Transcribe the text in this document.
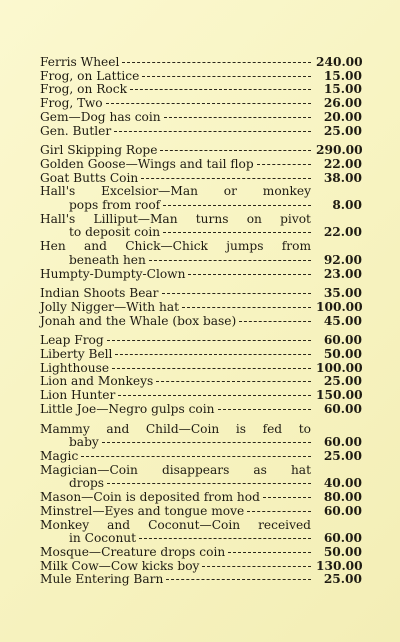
Ferris Wheel	240.00
Frog, on Lattice	15.00
Frog, on Rock	15.00
Frog, Two	26.00
Gem—Dog has coin	20.00
Gen. Butler	25.00
Girl Skipping Rope	290.00
Golden Goose—Wings and tail flop	22.00
Goat Butts Coin	38.00
Hall's Excelsior—Man or monkey
pops from roof	8.00
Hall's Lilliput—Man turns on pivot
to deposit coin	22.00
Hen and Chick—Chick jumps from
beneath hen	92.00
Humpty-Dumpty-Clown	23.00
Indian Shoots Bear	35.00
Jolly Nigger—With hat	100.00
Jonah and the Whale (box base)	45.00
Leap Frog	60.00
Liberty Bell	50.00
Lighthouse	100.00
Lion and Monkeys	25.00
Lion Hunter	150.00
Little Joe—Negro gulps coin	60.00
Mammy and Child—Coin is fed to
baby	60.00
Magic	25.00
Magician—Coin disappears as hat
drops	40.00
Mason—Coin is deposited from hod	80.00
Minstrel—Eyes and tongue move	60.00
Monkey and Coconut—Coin received
in Coconut	60.00
Mosque—Creature drops coin	50.00
Milk Cow—Cow kicks boy	130.00
Mule Entering Barn	25.00
